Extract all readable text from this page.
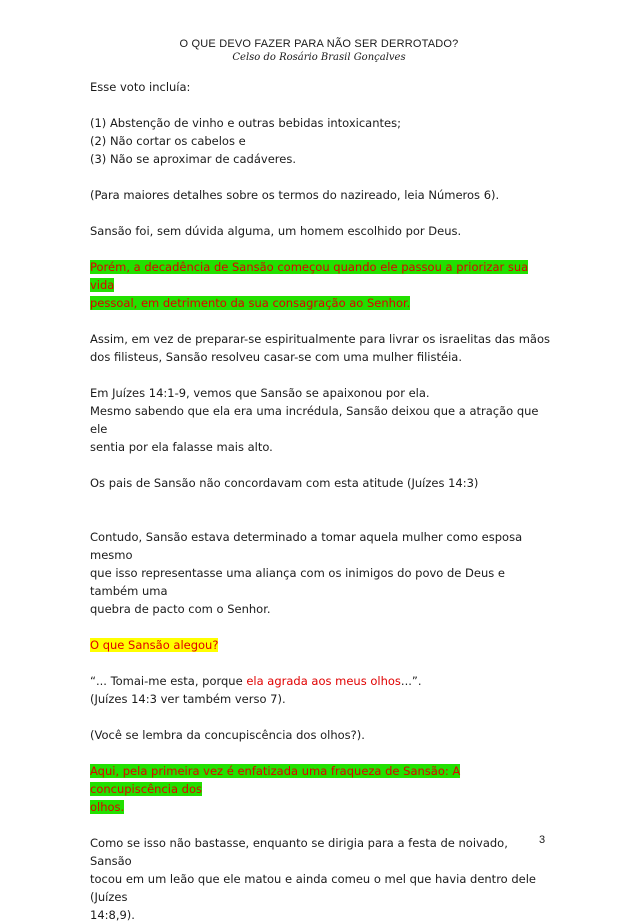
O QUE DEVO FAZER PARA NÃO SER DERROTADO?
Celso do Rosário Brasil Gonçalves

Esse voto incluía:

(1) Abstenção de vinho e outras bebidas intoxicantes;

(2) Não cortar os cabelos e

(3) Não se aproximar de cadáveres.

(Para maiores detalhes sobre os termos do nazireado, leia Números 6).

Sansão foi, sem dúvida alguma, um homem escolhido por Deus.

Porém, a decadência de Sansão começou quando ele passou a priorizar sua vida

pessoal, em detrimento da sua consagração ao Senhor.

Assim, em vez de preparar-se espiritualmente para livrar os israelitas das mãos

dos filisteus, Sansão resolveu casar-se com uma mulher filistéia.

Em Juízes 14:1-9, vemos que Sansão se apaixonou por ela.

Mesmo sabendo que ela era uma incrédula, Sansão deixou que a atração que ele

sentia por ela falasse mais alto.

Os pais de Sansão não concordavam com esta atitude (Juízes 14:3)

Contudo, Sansão estava determinado a tomar aquela mulher como esposa mesmo

que isso representasse uma aliança com os inimigos do povo de Deus e também uma

quebra de pacto com o Senhor.

O que Sansão alegou?

“... Tomai-me esta, porque ela agrada aos meus olhos...”.

(Juízes 14:3 ver também verso 7).

(Você se lembra da concupiscência dos olhos?).

Aqui, pela primeira vez é enfatizada uma fraqueza de Sansão: A concupiscência dos

olhos.

Como se isso não bastasse, enquanto se dirigia para a festa de noivado, Sansão

tocou em um leão que ele matou e ainda comeu o mel que havia dentro dele (Juízes

14:8,9).

3
